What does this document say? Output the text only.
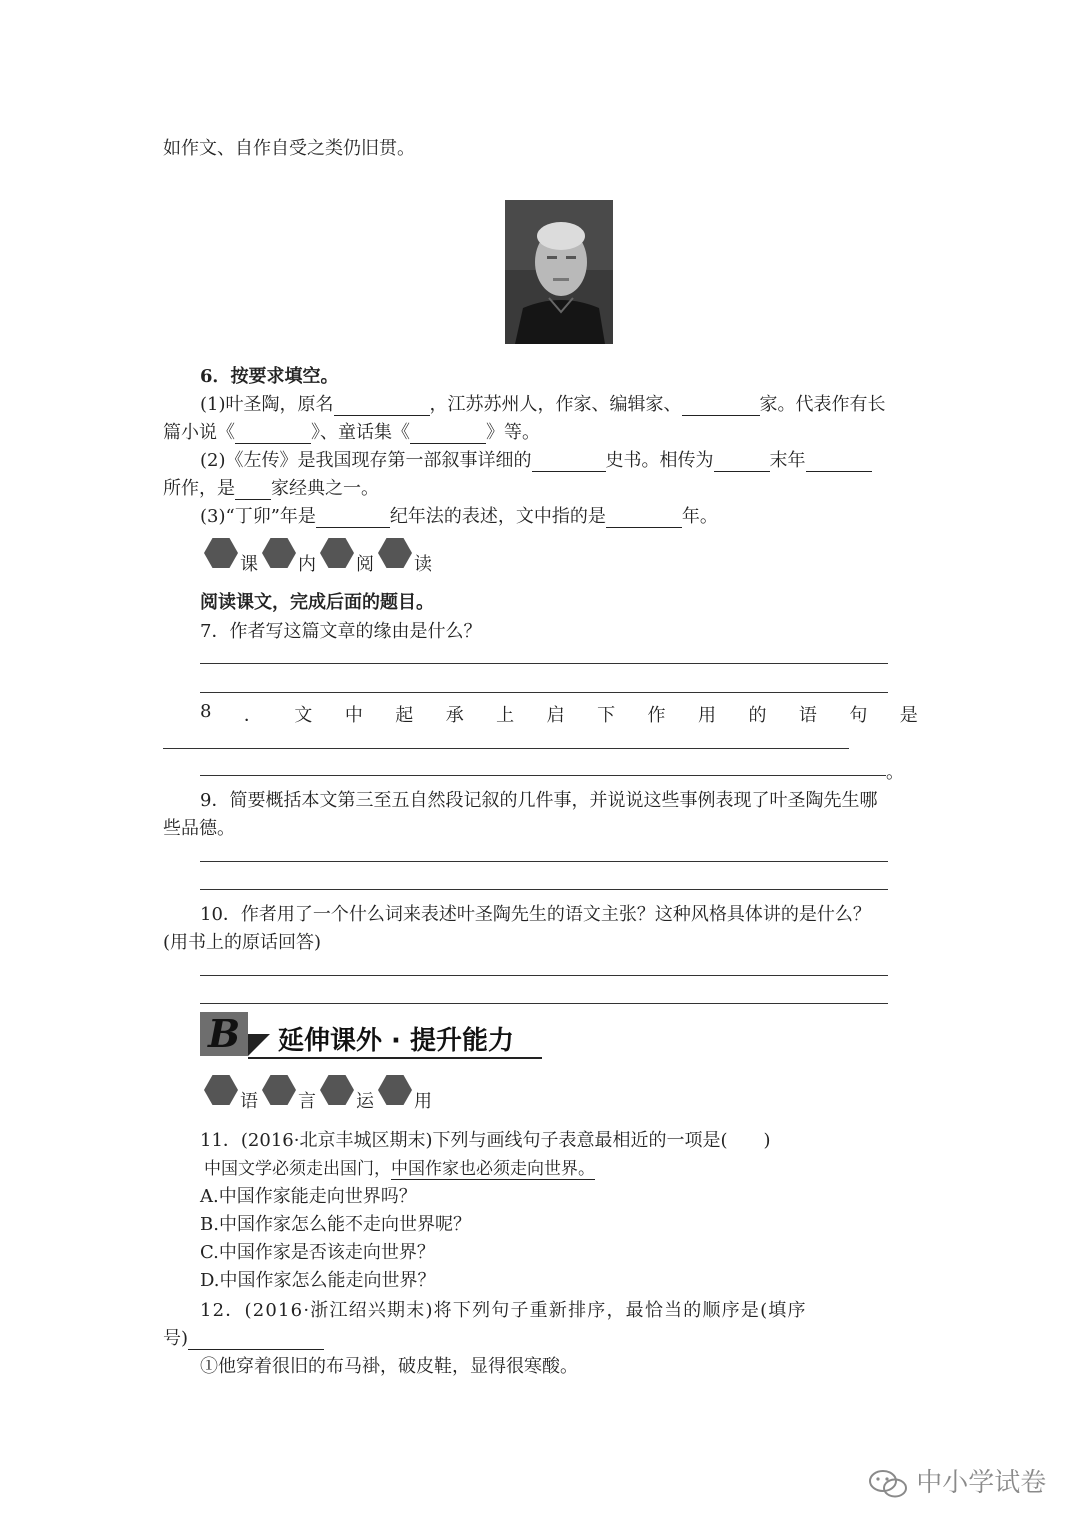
如作文、自作自受之类仍旧贯。
6．按要求填空。
(1)叶圣陶，原名	，江苏苏州人，作家、编辑家、	家。代表作有长
篇小说《	》、童话集《	》等。
(2)《左传》是我国现存第一部叙事详细的	史书。相传为	末年
所作，是 家经典之一。
(3)“丁卯”年是	纪年法的表述，文中指的是	年。
课 内 阅 读
阅读课文，完成后面的题目。
7．作者写这篇文章的缘由是什么？
8 ． 文 中 起 承 上 启 下 作 用 的 语 句 是
。
9．简要概括本文第三至五自然段记叙的几件事，并说说这些事例表现了叶圣陶先生哪
些品德。
10．作者用了一个什么词来表述叶圣陶先生的语文主张？这种风格具体讲的是什么？
(用书上的原话回答)
B	延伸课外 · 提升能力
语 言 运 用
11．(2016·北京丰城区期末)下列与画线句子表意最相近的一项是(　　)
中国文学必须走出国门，中国作家也必须走向世界。
A.中国作家能走向世界吗？
B.中国作家怎么能不走向世界呢？
C.中国作家是否该走向世界？
D.中国作家怎么能走向世界？
12．(2016·浙江绍兴期末)将下列句子重新排序，最恰当的顺序是(填序
号)
①他穿着很旧的布马褂，破皮鞋，显得很寒酸。
中小学试卷
